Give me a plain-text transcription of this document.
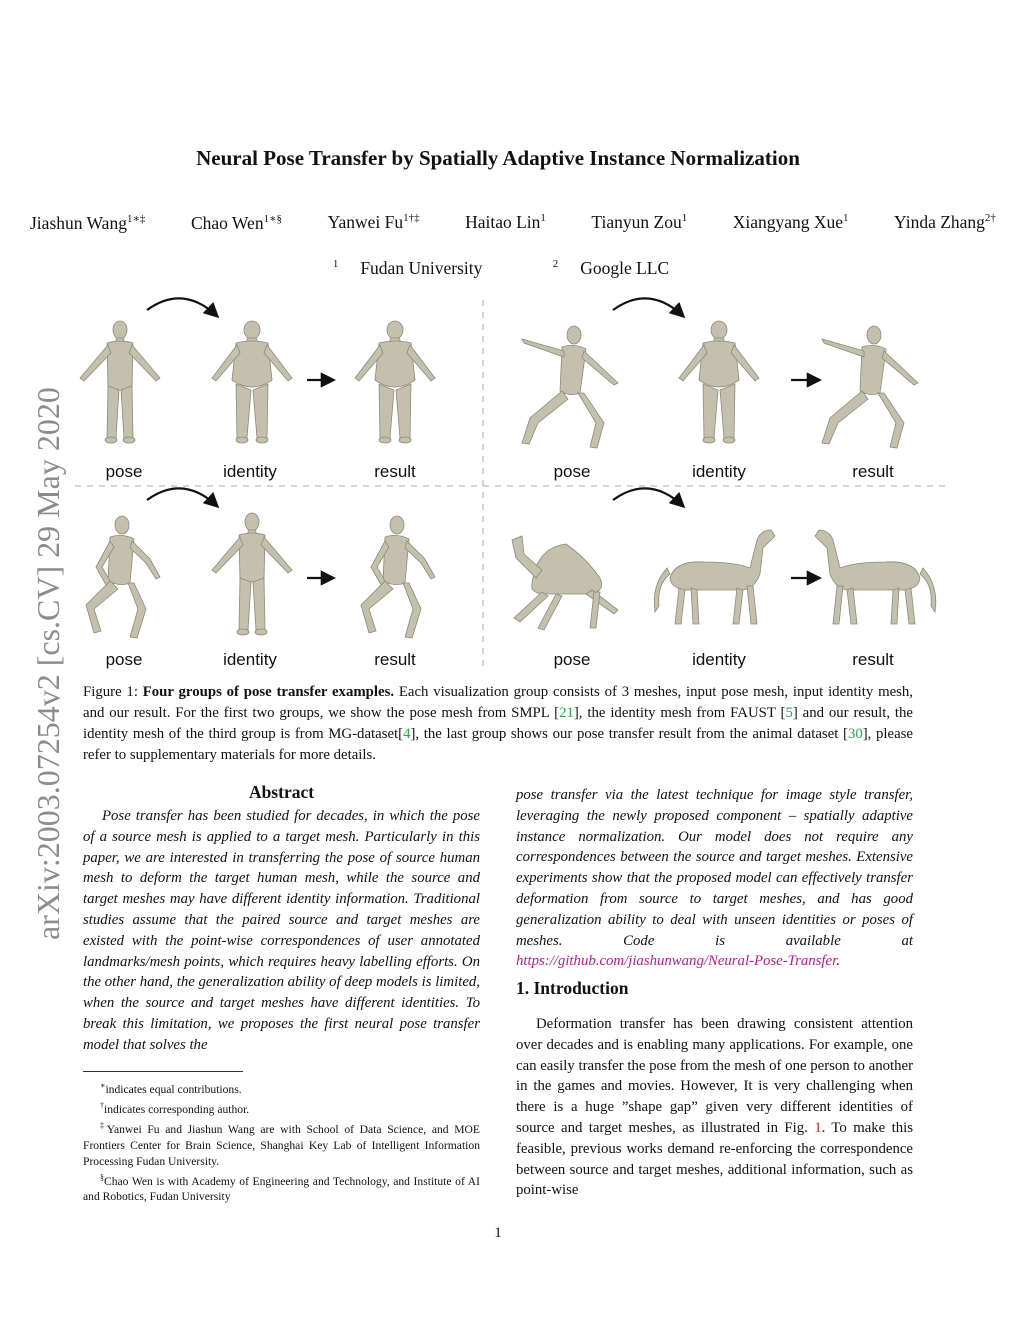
Neural Pose Transfer by Spatially Adaptive Instance Normalization
Jiashun Wang$^{1∗\ddagger}$	Chao Wen$^{1∗\S}$	Yanwei $Fu^{1\dagger\ddagger}$	Haitao Lin$^1$	Tianyun Zou$^1$	Xiangyang Xue$^1$	Yinda Zhang$^{2\dagger}$
$^1$ Fudan University	$^2$ Google LLC
arXiv:2003.07254v2 [cs.CV] 29 May 2020 pose	identity	result	pose	identity	result
pose	identity	result	pose	identity	result
Figure 1: Four groups of pose transfer examples. Each visualization group consists of 3 meshes, input pose mesh, input identity mesh, and our result. For the first two groups, we show the pose mesh from SMPL [21], the identity mesh from FAUST [5] and our result, the identity mesh of the third group is from MG-dataset[4], the last group shows our pose transfer result from the animal dataset [30], please refer to supplementary materials for more details.
Abstract
Pose transfer has been studied for decades, in which the pose of a source mesh is applied to a target mesh. Particularly in this paper, we are interested in transferring the pose of source human mesh to deform the target human mesh, while the source and target meshes may have different identity information. Traditional studies assume that the paired source and target meshes are existed with the point-wise correspondences of user annotated landmarks/mesh points, which requires heavy labelling efforts. On the other hand, the generalization ability of deep models is limited, when the source and target meshes have different identities. To break this limitation, we proposes the first neural pose transfer model that solves the
pose transfer via the latest technique for image style transfer, leveraging the newly proposed component – spatially adaptive instance normalization. Our model does not require any correspondences between the source and target meshes. Extensive experiments show that the proposed model can effectively transfer deformation from source to target meshes, and has good generalization ability to deal with unseen identities or poses of meshes. Code is available at https://github.com/jiashunwang/Neural-Pose-Transfer.
1. Introduction
Deformation transfer has been drawing consistent attention over decades and is enabling many applications. For example, one can easily transfer the pose from the mesh of one person to another in the games and movies. However, It is very challenging when there is a huge ”shape gap” given very different identities of source and target meshes, as illustrated in Fig. 1. To make this feasible, previous works demand re-enforcing the correspondence between source and target meshes, additional information, such as point-wise

∗indicates equal contributions.

†indicates corresponding author.

‡Yanwei Fu and Jiashun Wang are with School of Data Science, and MOE Frontiers Center for Brain Science, Shanghai Key Lab of Intelligent Information Processing Fudan University.

§Chao Wen is with Academy of Engineering and Technology, and Institute of AI and Robotics, Fudan University

1
